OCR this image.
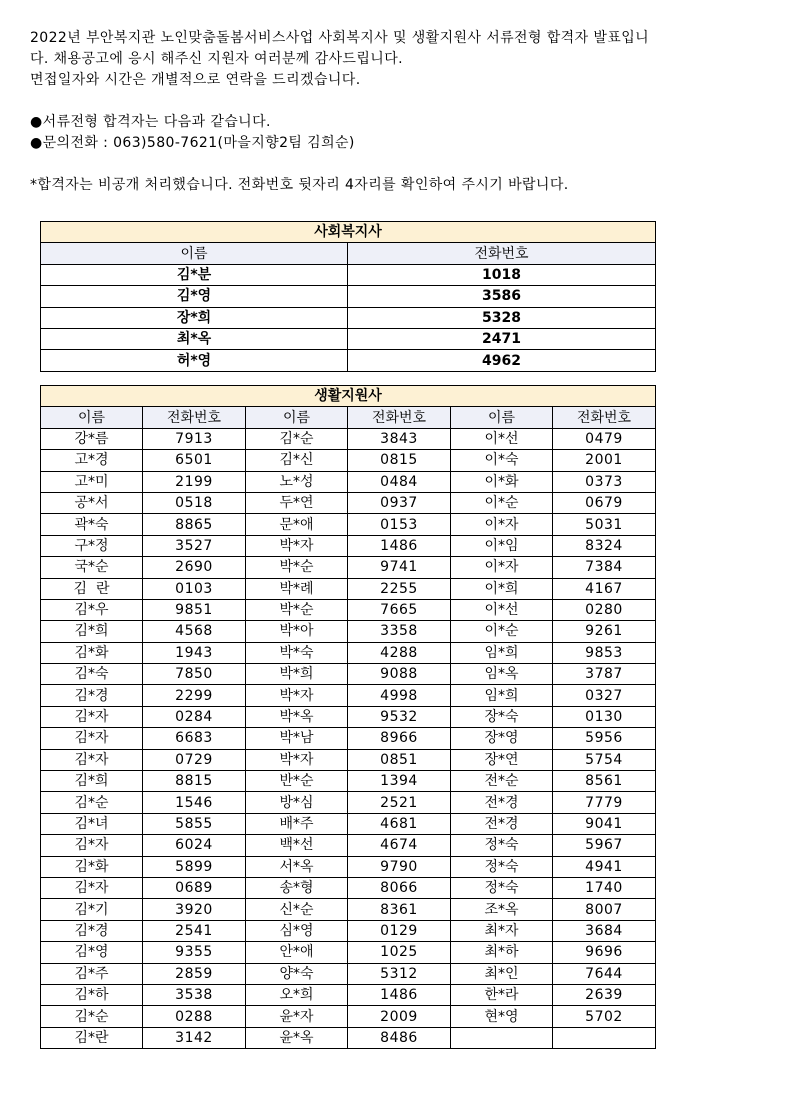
2022년 부안복지관 노인맞춤돌봄서비스사업 사회복지사 및 생활지원사 서류전형 합격자 발표입니

다. 채용공고에 응시 해주신 지원자 여러분께 감사드립니다.

면접일자와 시간은 개별적으로 연락을 드리겠습니다.

●서류전형 합격자는 다음과 같습니다.

●문의전화 : 063)580-7621(마을지향2팀 김희순)

*합격자는 비공개 처리했습니다. 전화번호 뒷자리 4자리를 확인하여 주시기 바랍니다.

사회복지사	
이름	전화번호
김*분	1018
김*영	3586
장*희	5328
최*옥	2471
허*영	4962
생활지원사					
이름	전화번호	이름	전화번호	이름	전화번호
강*름	7913	김*순	3843	이*선	0479
고*경	6501	김*신	0815	이*숙	2001
고*미	2199	노*성	0484	이*화	0373
공*서	0518	두*연	0937	이*순	0679
곽*숙	8865	문*애	0153	이*자	5031
구*정	3527	박*자	1486	이*임	8324
국*순	2690	박*순	9741	이*자	7384
김  란	0103	박*례	2255	이*희	4167
김*우	9851	박*순	7665	이*선	0280
김*희	4568	박*아	3358	이*순	9261
김*화	1943	박*숙	4288	임*희	9853
김*숙	7850	박*희	9088	임*옥	3787
김*경	2299	박*자	4998	임*희	0327
김*자	0284	박*옥	9532	장*숙	0130
김*자	6683	박*남	8966	장*영	5956
김*자	0729	박*자	0851	장*연	5754
김*희	8815	반*순	1394	전*순	8561
김*순	1546	방*심	2521	전*경	7779
김*녀	5855	배*주	4681	전*경	9041
김*자	6024	백*선	4674	정*숙	5967
김*화	5899	서*옥	9790	정*숙	4941
김*자	0689	송*형	8066	정*숙	1740
김*기	3920	신*순	8361	조*옥	8007
김*경	2541	심*영	0129	최*자	3684
김*영	9355	안*애	1025	최*하	9696
김*주	2859	양*숙	5312	최*인	7644
김*하	3538	오*희	1486	한*라	2639
김*순	0288	윤*자	2009	현*영	5702
김*란	3142	윤*옥	8486		
